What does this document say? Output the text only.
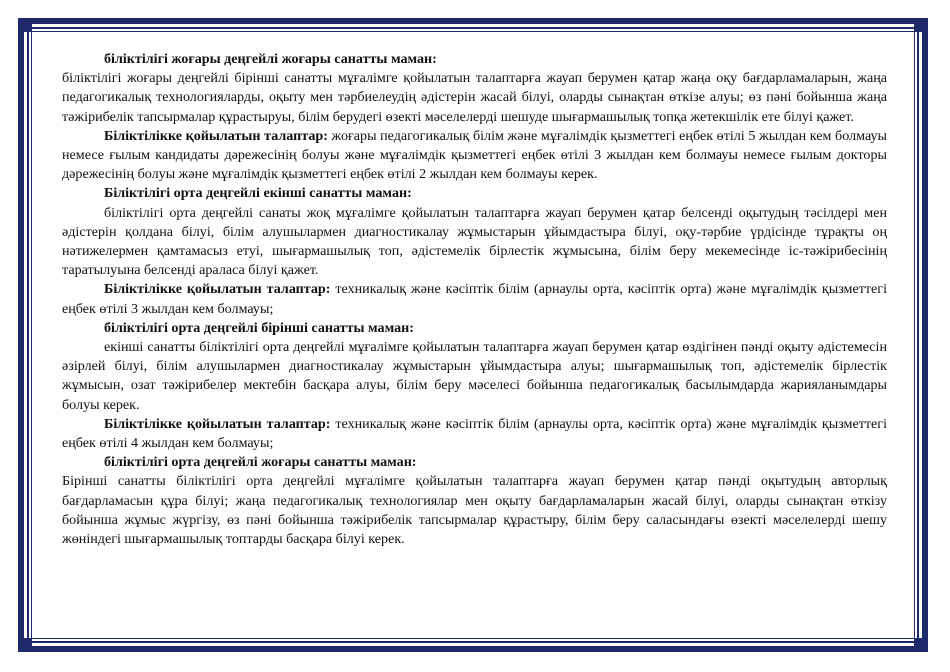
біліктілігі жоғары деңгейлі жоғары санатты маман:

біліктілігі жоғары деңгейлі бірінші санатты мұғалімге қойылатын талаптарға жауап берумен қатар жаңа оқу бағдарламаларын, жаңа педагогикалық технологияларды, оқыту мен тәрбиелеудің әдістерін жасай білуі, оларды сынақтан өткізе алуы; өз пәні бойынша жаңа тәжірибелік тапсырмалар құрастыруы, білім берудегі өзекті мәселелерді шешуде шығармашылық топқа жетекшілік ете білуі қажет.

Біліктілікке қойылатын талаптар: жоғары педагогикалық білім және мұғалімдік қызметтегі еңбек өтілі 5 жылдан кем болмауы немесе ғылым кандидаты дәрежесінің болуы және мұғалімдік қызметтегі еңбек өтілі 3 жылдан кем болмауы немесе ғылым докторы дәрежесінің болуы және мұғалімдік қызметтегі еңбек өтілі 2 жылдан кем болмауы керек.

Біліктілігі орта деңгейлі екінші санатты маман:

біліктілігі орта деңгейлі санаты жоқ мұғалімге қойылатын талаптарға жауап берумен қатар белсенді оқытудың тәсілдері мен әдістерін қолдана білуі, білім алушылармен диагностикалау жұмыстарын ұйымдастыра білуі, оқу-тәрбие үрдісінде тұрақты оң нәтижелермен қамтамасыз етуі, шығармашылық топ, әдістемелік бірлестік жұмысына, білім беру мекемесінде іс-тәжірибесінің таратылуына белсенді араласа білуі қажет.

Біліктілікке қойылатын талаптар: техникалық және кәсіптік білім (арнаулы орта, кәсіптік орта) және мұғалімдік қызметтегі еңбек өтілі 3 жылдан кем болмауы;

біліктілігі орта деңгейлі бірінші санатты маман:

екінші санатты біліктілігі орта деңгейлі мұғалімге қойылатын талаптарға жауап берумен қатар өздігінен пәнді оқыту әдістемесін әзірлей білуі, білім алушылармен диагностикалау жұмыстарын ұйымдастыра алуы; шығармашылық топ, әдістемелік бірлестік жұмысын, озат тәжірибелер мектебін басқара алуы, білім беру мәселесі бойынша педагогикалық басылымдарда жарияланымдары болуы керек.

Біліктілікке қойылатын талаптар: техникалық және кәсіптік білім (арнаулы орта, кәсіптік орта) және мұғалімдік қызметтегі еңбек өтілі 4 жылдан кем болмауы;

біліктілігі орта деңгейлі жоғары санатты маман:

Бірінші санатты біліктілігі орта деңгейлі мұғалімге қойылатын талаптарға жауап берумен қатар пәнді оқытудың авторлық бағдарламасын құра білуі; жаңа педагогикалық технологиялар мен оқыту бағдарламаларын жасай білуі, оларды сынақтан өткізу бойынша жұмыс жүргізу, өз пәні бойынша тәжірибелік тапсырмалар құрастыру, білім беру саласындағы өзекті мәселелерді шешу жөніндегі шығармашылық топтарды басқара білуі керек.
